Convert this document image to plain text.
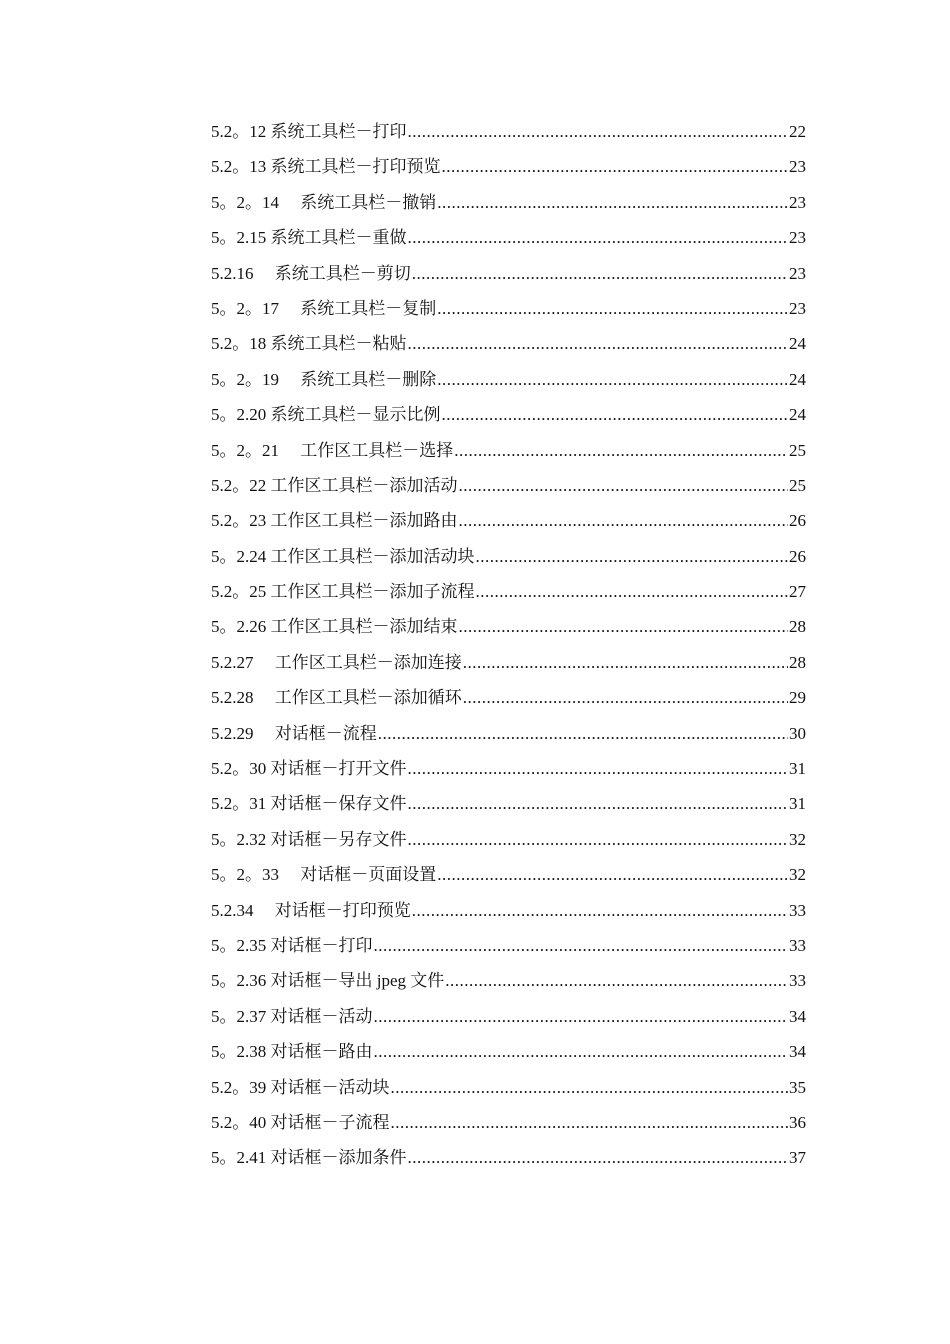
5.2。12 系统工具栏－打印 .....	22
5.2。13 系统工具栏－打印预览 .....	23
5。2。14　 系统工具栏－撤销 .....	23
5。2.15 系统工具栏－重做 .....	23
5.2.16　 系统工具栏－剪切 .....	23
5。2。17　 系统工具栏－复制 .....	23
5.2。18 系统工具栏－粘贴 .....	24
5。2。19　 系统工具栏－删除 .....	24
5。2.20 系统工具栏－显示比例 .....	24
5。2。21　 工作区工具栏－选择 .....	25
5.2。22 工作区工具栏－添加活动 .....	25
5.2。23 工作区工具栏－添加路由 .....	26
5。2.24 工作区工具栏－添加活动块 .....	26
5.2。25 工作区工具栏－添加子流程 .....	27
5。2.26 工作区工具栏－添加结束 .....	28
5.2.27　 工作区工具栏－添加连接 .....	28
5.2.28　 工作区工具栏－添加循环 .....	29
5.2.29　 对话框－流程 .....	30
5.2。30 对话框－打开文件 .....	31
5.2。31 对话框－保存文件 .....	31
5。2.32 对话框－另存文件 .....	32
5。2。33　 对话框－页面设置 .....	32
5.2.34　 对话框－打印预览 .....	33
5。2.35 对话框－打印 .....	33
5。2.36 对话框－导出 jpeg 文件 .....	33
5。2.37 对话框－活动 .....	34
5。2.38 对话框－路由 .....	34
5.2。39 对话框－活动块 .....	35
5.2。40 对话框－子流程 .....	36
5。2.41 对话框－添加条件 .....	37
